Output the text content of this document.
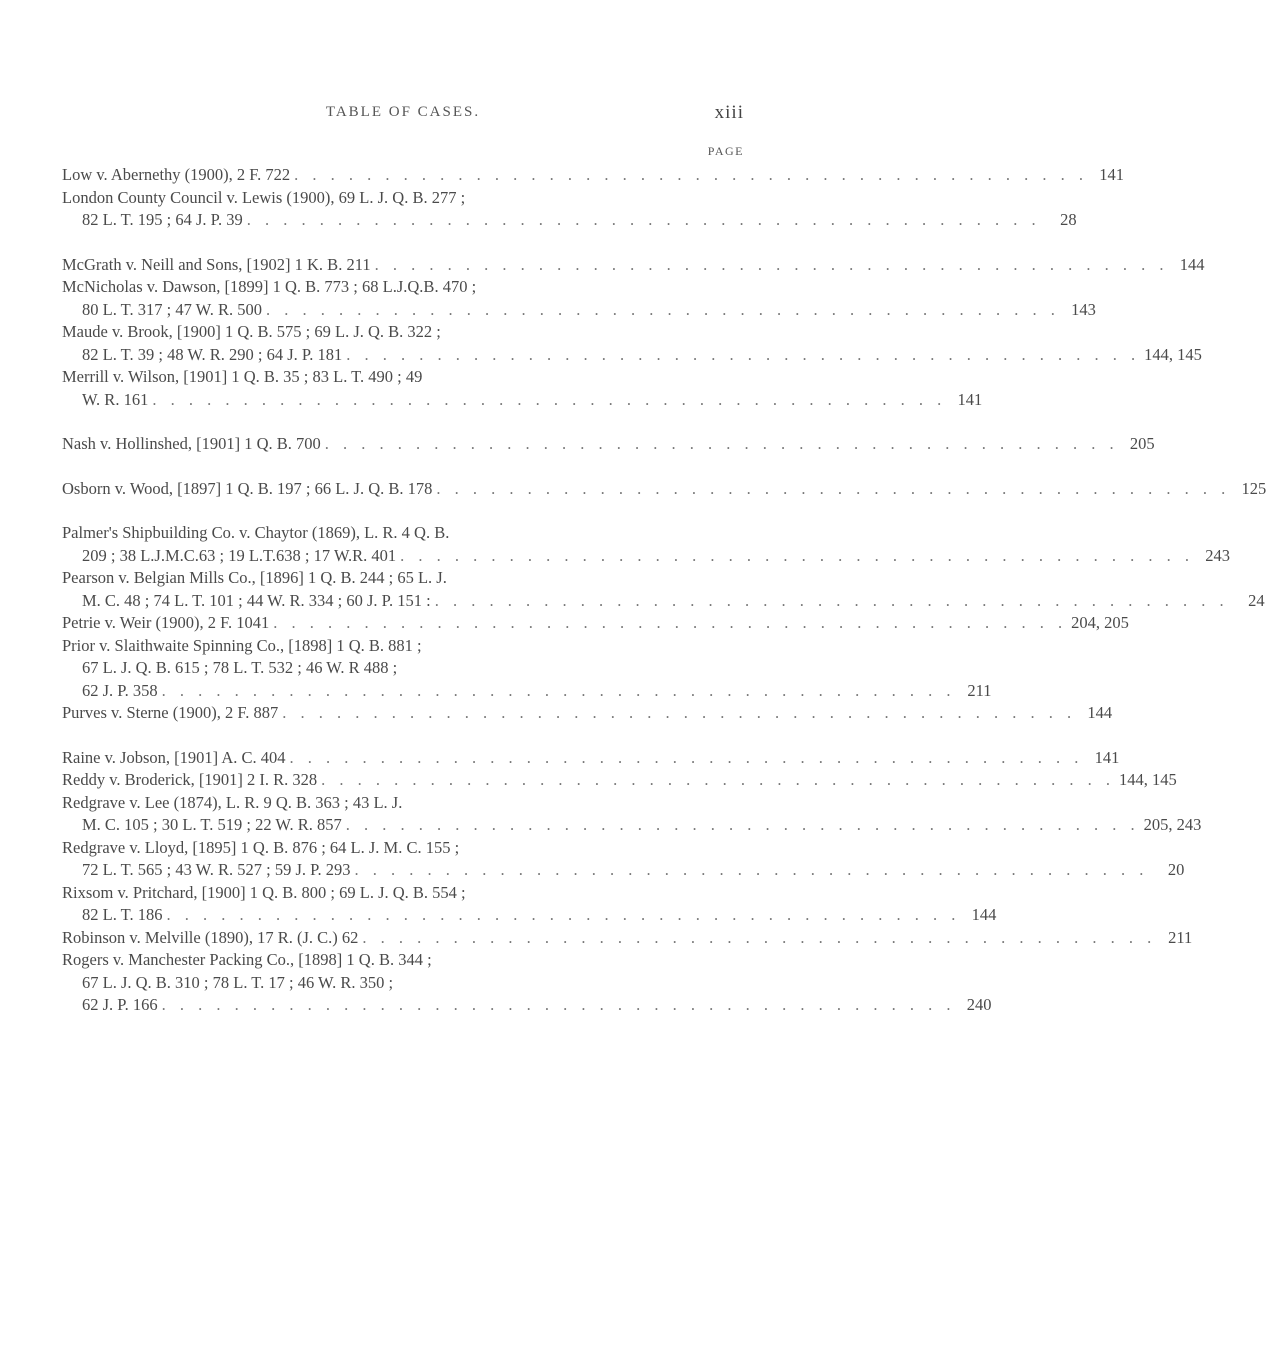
TABLE OF CASES.	xiii
PAGE
Low v. Abernethy (1900), 2 F. 722 . . . . . . . . . . . . . . . . . . . . . . . . . . . . . . . . . . . . . . . . . . . . 141
London County Council v. Lewis (1900), 69 L. J. Q. B. 277 ;
82 L. T. 195 ; 64 J. P. 39 . . . . . . . . . . . . . . . . . . . . . . . . . . . . . . . . . . . . . . . . . . . .	28
McGrath v. Neill and Sons, [1902] 1 K. B. 211 . . . . . . . . . . . . . . . . . . . . . . . . . . . . . . . . . . . . . . . . . . . . 144
McNicholas v. Dawson, [1899] 1 Q. B. 773 ; 68 L.J.Q.B. 470 ;
80 L. T. 317 ; 47 W. R. 500 . . . . . . . . . . . . . . . . . . . . . . . . . . . . . . . . . . . . . . . . . . . . 143
Maude v. Brook, [1900] 1 Q. B. 575 ; 69 L. J. Q. B. 322 ;
82 L. T. 39 ; 48 W. R. 290 ; 64 J. P. 181 . . . . . . . . . . . . . . . . . . . . . . . . . . . . . . . . . . . . . . . . . . . . 144, 145
Merrill v. Wilson, [1901] 1 Q. B. 35 ; 83 L. T. 490 ; 49
W. R. 161 . . . . . . . . . . . . . . . . . . . . . . . . . . . . . . . . . . . . . . . . . . . . 141
Nash v. Hollinshed, [1901] 1 Q. B. 700 . . . . . . . . . . . . . . . . . . . . . . . . . . . . . . . . . . . . . . . . . . . . 205
Osborn v. Wood, [1897] 1 Q. B. 197 ; 66 L. J. Q. B. 178 . . . . . . . . . . . . . . . . . . . . . . . . . . . . . . . . . . . . . . . . . . . . 125
Palmer's Shipbuilding Co. v. Chaytor (1869), L. R. 4 Q. B.
209 ; 38 L.J.M.C.63 ; 19 L.T.638 ; 17 W.R. 401 . . . . . . . . . . . . . . . . . . . . . . . . . . . . . . . . . . . . . . . . . . . . 243
Pearson v. Belgian Mills Co., [1896] 1 Q. B. 244 ; 65 L. J.
M. C. 48 ; 74 L. T. 101 ; 44 W. R. 334 ; 60 J. P. 151 : . . . . . . . . . . . . . . . . . . . . . . . . . . . . . . . . . . . . . . . . . . . .	24
Petrie v. Weir (1900), 2 F. 1041 . . . . . . . . . . . . . . . . . . . . . . . . . . . . . . . . . . . . . . . . . . . . 204, 205
Prior v. Slaithwaite Spinning Co., [1898] 1 Q. B. 881 ;
67 L. J. Q. B. 615 ; 78 L. T. 532 ; 46 W. R 488 ;
62 J. P. 358 . . . . . . . . . . . . . . . . . . . . . . . . . . . . . . . . . . . . . . . . . . . . 211
Purves v. Sterne (1900), 2 F. 887 . . . . . . . . . . . . . . . . . . . . . . . . . . . . . . . . . . . . . . . . . . . . 144
Raine v. Jobson, [1901] A. C. 404 . . . . . . . . . . . . . . . . . . . . . . . . . . . . . . . . . . . . . . . . . . . . 141
Reddy v. Broderick, [1901] 2 I. R. 328 . . . . . . . . . . . . . . . . . . . . . . . . . . . . . . . . . . . . . . . . . . . . 144, 145
Redgrave v. Lee (1874), L. R. 9 Q. B. 363 ; 43 L. J.
M. C. 105 ; 30 L. T. 519 ; 22 W. R. 857 . . . . . . . . . . . . . . . . . . . . . . . . . . . . . . . . . . . . . . . . . . . . 205, 243
Redgrave v. Lloyd, [1895] 1 Q. B. 876 ; 64 L. J. M. C. 155 ;
72 L. T. 565 ; 43 W. R. 527 ; 59 J. P. 293 . . . . . . . . . . . . . . . . . . . . . . . . . . . . . . . . . . . . . . . . . . . .	20
Rixsom v. Pritchard, [1900] 1 Q. B. 800 ; 69 L. J. Q. B. 554 ;
82 L. T. 186 . . . . . . . . . . . . . . . . . . . . . . . . . . . . . . . . . . . . . . . . . . . . 144
Robinson v. Melville (1890), 17 R. (J. C.) 62 . . . . . . . . . . . . . . . . . . . . . . . . . . . . . . . . . . . . . . . . . . . . 211
Rogers v. Manchester Packing Co., [1898] 1 Q. B. 344 ;
67 L. J. Q. B. 310 ; 78 L. T. 17 ; 46 W. R. 350 ;
62 J. P. 166 . . . . . . . . . . . . . . . . . . . . . . . . . . . . . . . . . . . . . . . . . . . . 240
